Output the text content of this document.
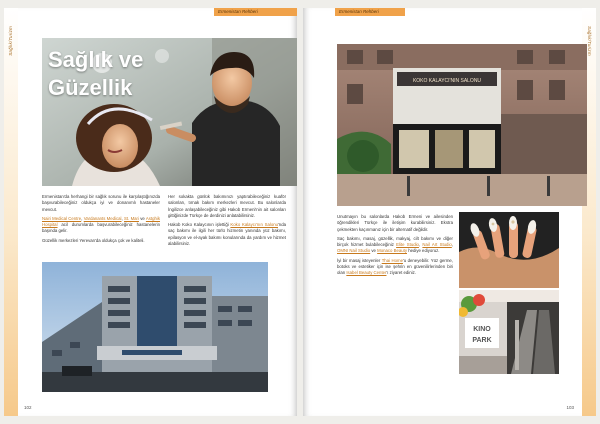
Sağlık/Turizm
Ermenistan Rehberi
Sağlık ve
Güzellik

Ermenistan'da herhangi bir sağlık sorunu ile karşılaştığınızda başvurabileceğiniz oldukça iyi ve donanımlı hastaneler mevcut.

Nairi Medical Centre, Vardanants Medical, St. Mari ve Astghik Hospital acil durumlarda başvurabileceğiniz hastanelerin başında gelir.

Güzellik merkezleri Yerevan'da oldukça çok ve kaliteli.

Her sokakta günlük bakımınızı yaptırabileceğiniz kuaför salonları, tırnak bakım merkezleri mevcut. Bu salonlarda İngilizce anlaşabileceğiniz gibi Hakob Ermeni'nin ait salonları gittiğinizde Türkçe de derdinizi anlatabilirsiniz.

Hakob Koko Kalaycının işlettiği Koko Kalaycı'nın Salonu'nda saç bakımı ile ilgili her türlü hizmetin yanında yüz bakımı, epilasyon ve el-ayak bakımı konularında da yardım ve hizmet alabilirsiniz.

102
Sağlık/Turizm
Ermenistan Rehberi
KOKO KALAYCI'NIN SALONU

Unutmayın bu salonlarda Hakob Ermeni ve ailesinden öğrendikleri Türkçe ile iletişim kurabilirsiniz. Ekstra çekmekten kaçınmanız için bir alternatif değildir.

Saç bakımı, masaj, güzellik, makyaj, cilt bakımı ve diğer birçok hizmet bulabileceğiniz Elite Studio, Nail Art Studio, OMNI Nail Studio ve Monaco Beauty hediye ediyoruz.

İyi bir masaj isteyenler Thai Home'u deneyebilir. Yüz germe, botoks ve estetiker için ise şehrin en güvenilirlerinden biri olan Isabel Beauty Center'ı ziyaret ediniz.

KINO
PARK
103
